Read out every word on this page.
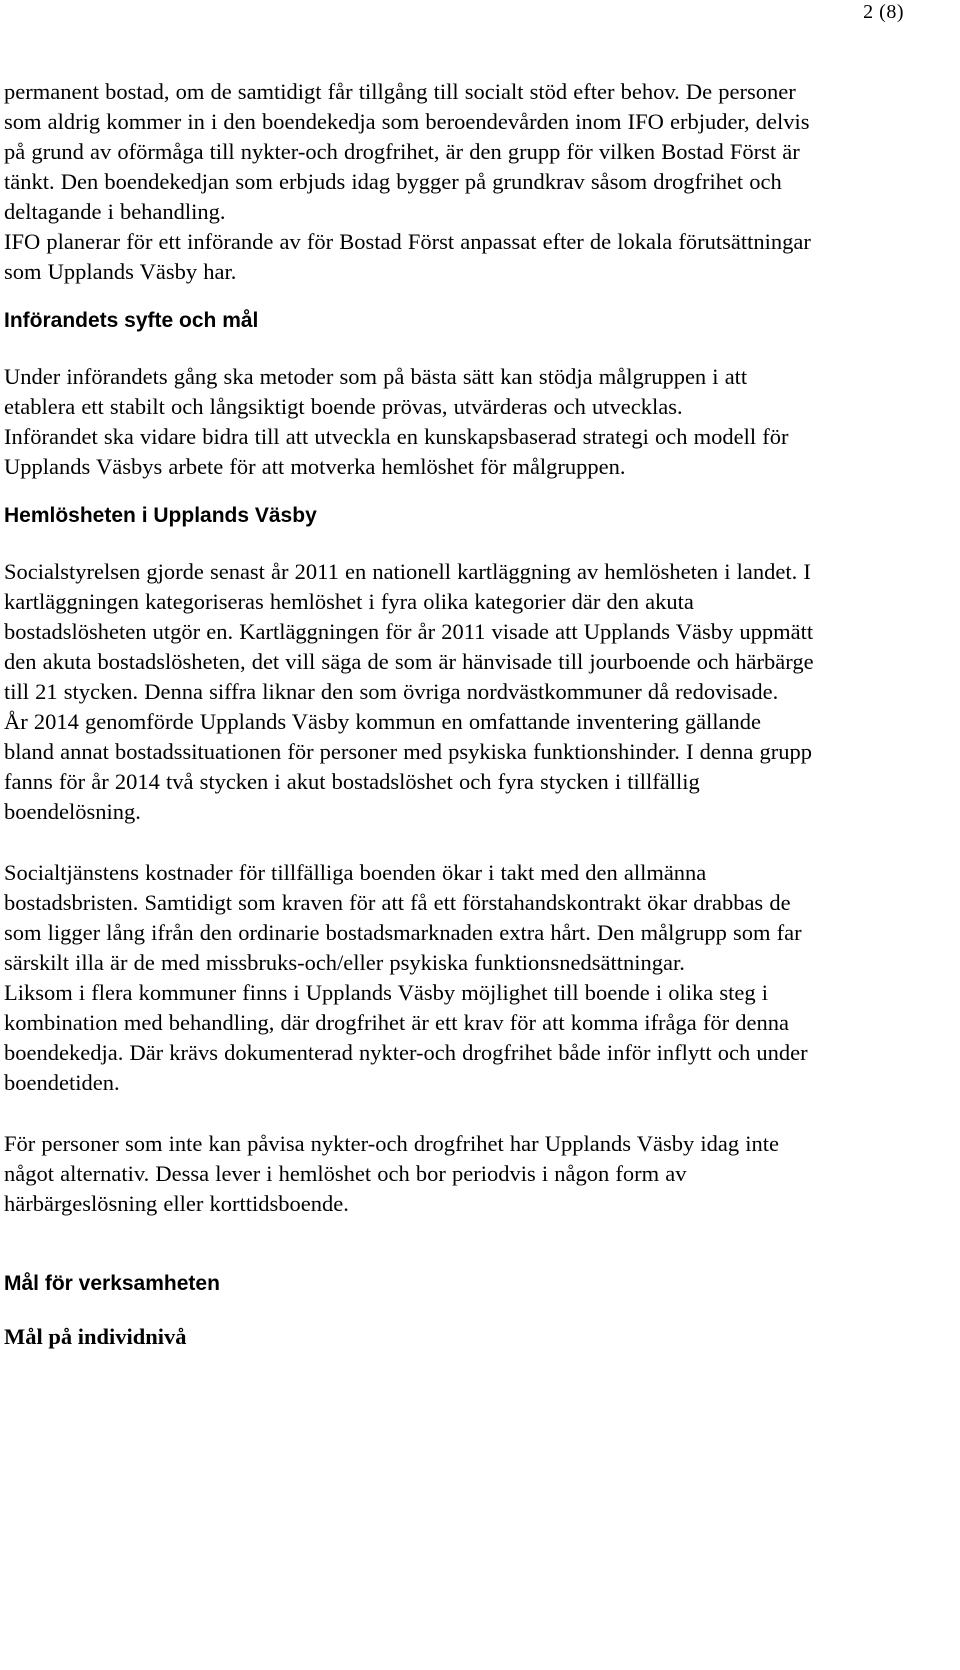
2 (8)

permanent bostad, om de samtidigt får tillgång till socialt stöd efter behov. De personer som aldrig kommer in i den boendekedja som beroendevården inom IFO erbjuder, delvis på grund av oförmåga till nykter-och drogfrihet, är den grupp för vilken Bostad Först är tänkt. Den boendekedjan som erbjuds idag bygger på grundkrav såsom drogfrihet och deltagande i behandling.

IFO planerar för ett införande av för Bostad Först anpassat efter de lokala förutsättningar som Upplands Väsby har.

Införandets syfte och mål

Under införandets gång ska metoder som på bästa sätt kan stödja målgruppen i att etablera ett stabilt och långsiktigt boende prövas, utvärderas och utvecklas.

Införandet ska vidare bidra till att utveckla en kunskapsbaserad strategi och modell för Upplands Väsbys arbete för att motverka hemlöshet för målgruppen.

Hemlösheten i Upplands Väsby

Socialstyrelsen gjorde senast år 2011 en nationell kartläggning av hemlösheten i landet. I kartläggningen kategoriseras hemlöshet i fyra olika kategorier där den akuta bostadslösheten utgör en. Kartläggningen för år 2011 visade att Upplands Väsby uppmätt den akuta bostadslösheten, det vill säga de som är hänvisade till jourboende och härbärge till 21 stycken. Denna siffra liknar den som övriga nordvästkommuner då redovisade.

År 2014 genomförde Upplands Väsby kommun en omfattande inventering gällande bland annat bostadssituationen för personer med psykiska funktionshinder. I denna grupp fanns för år 2014 två stycken i akut bostadslöshet och fyra stycken i tillfällig boendelösning.

Socialtjänstens kostnader för tillfälliga boenden ökar i takt med den allmänna bostadsbristen. Samtidigt som kraven för att få ett förstahandskontrakt ökar drabbas de som ligger lång ifrån den ordinarie bostadsmarknaden extra hårt. Den målgrupp som far särskilt illa är de med missbruks-och/eller psykiska funktionsnedsättningar.

Liksom i flera kommuner finns i Upplands Väsby möjlighet till boende i olika steg i kombination med behandling, där drogfrihet är ett krav för att komma ifråga för denna boendekedja. Där krävs dokumenterad nykter-och drogfrihet både inför inflytt och under boendetiden.

För personer som inte kan påvisa nykter-och drogfrihet har Upplands Väsby idag inte något alternativ. Dessa lever i hemlöshet och bor periodvis i någon form av härbärgeslösning eller korttidsboende.

Mål för verksamheten
Mål på individnivå
